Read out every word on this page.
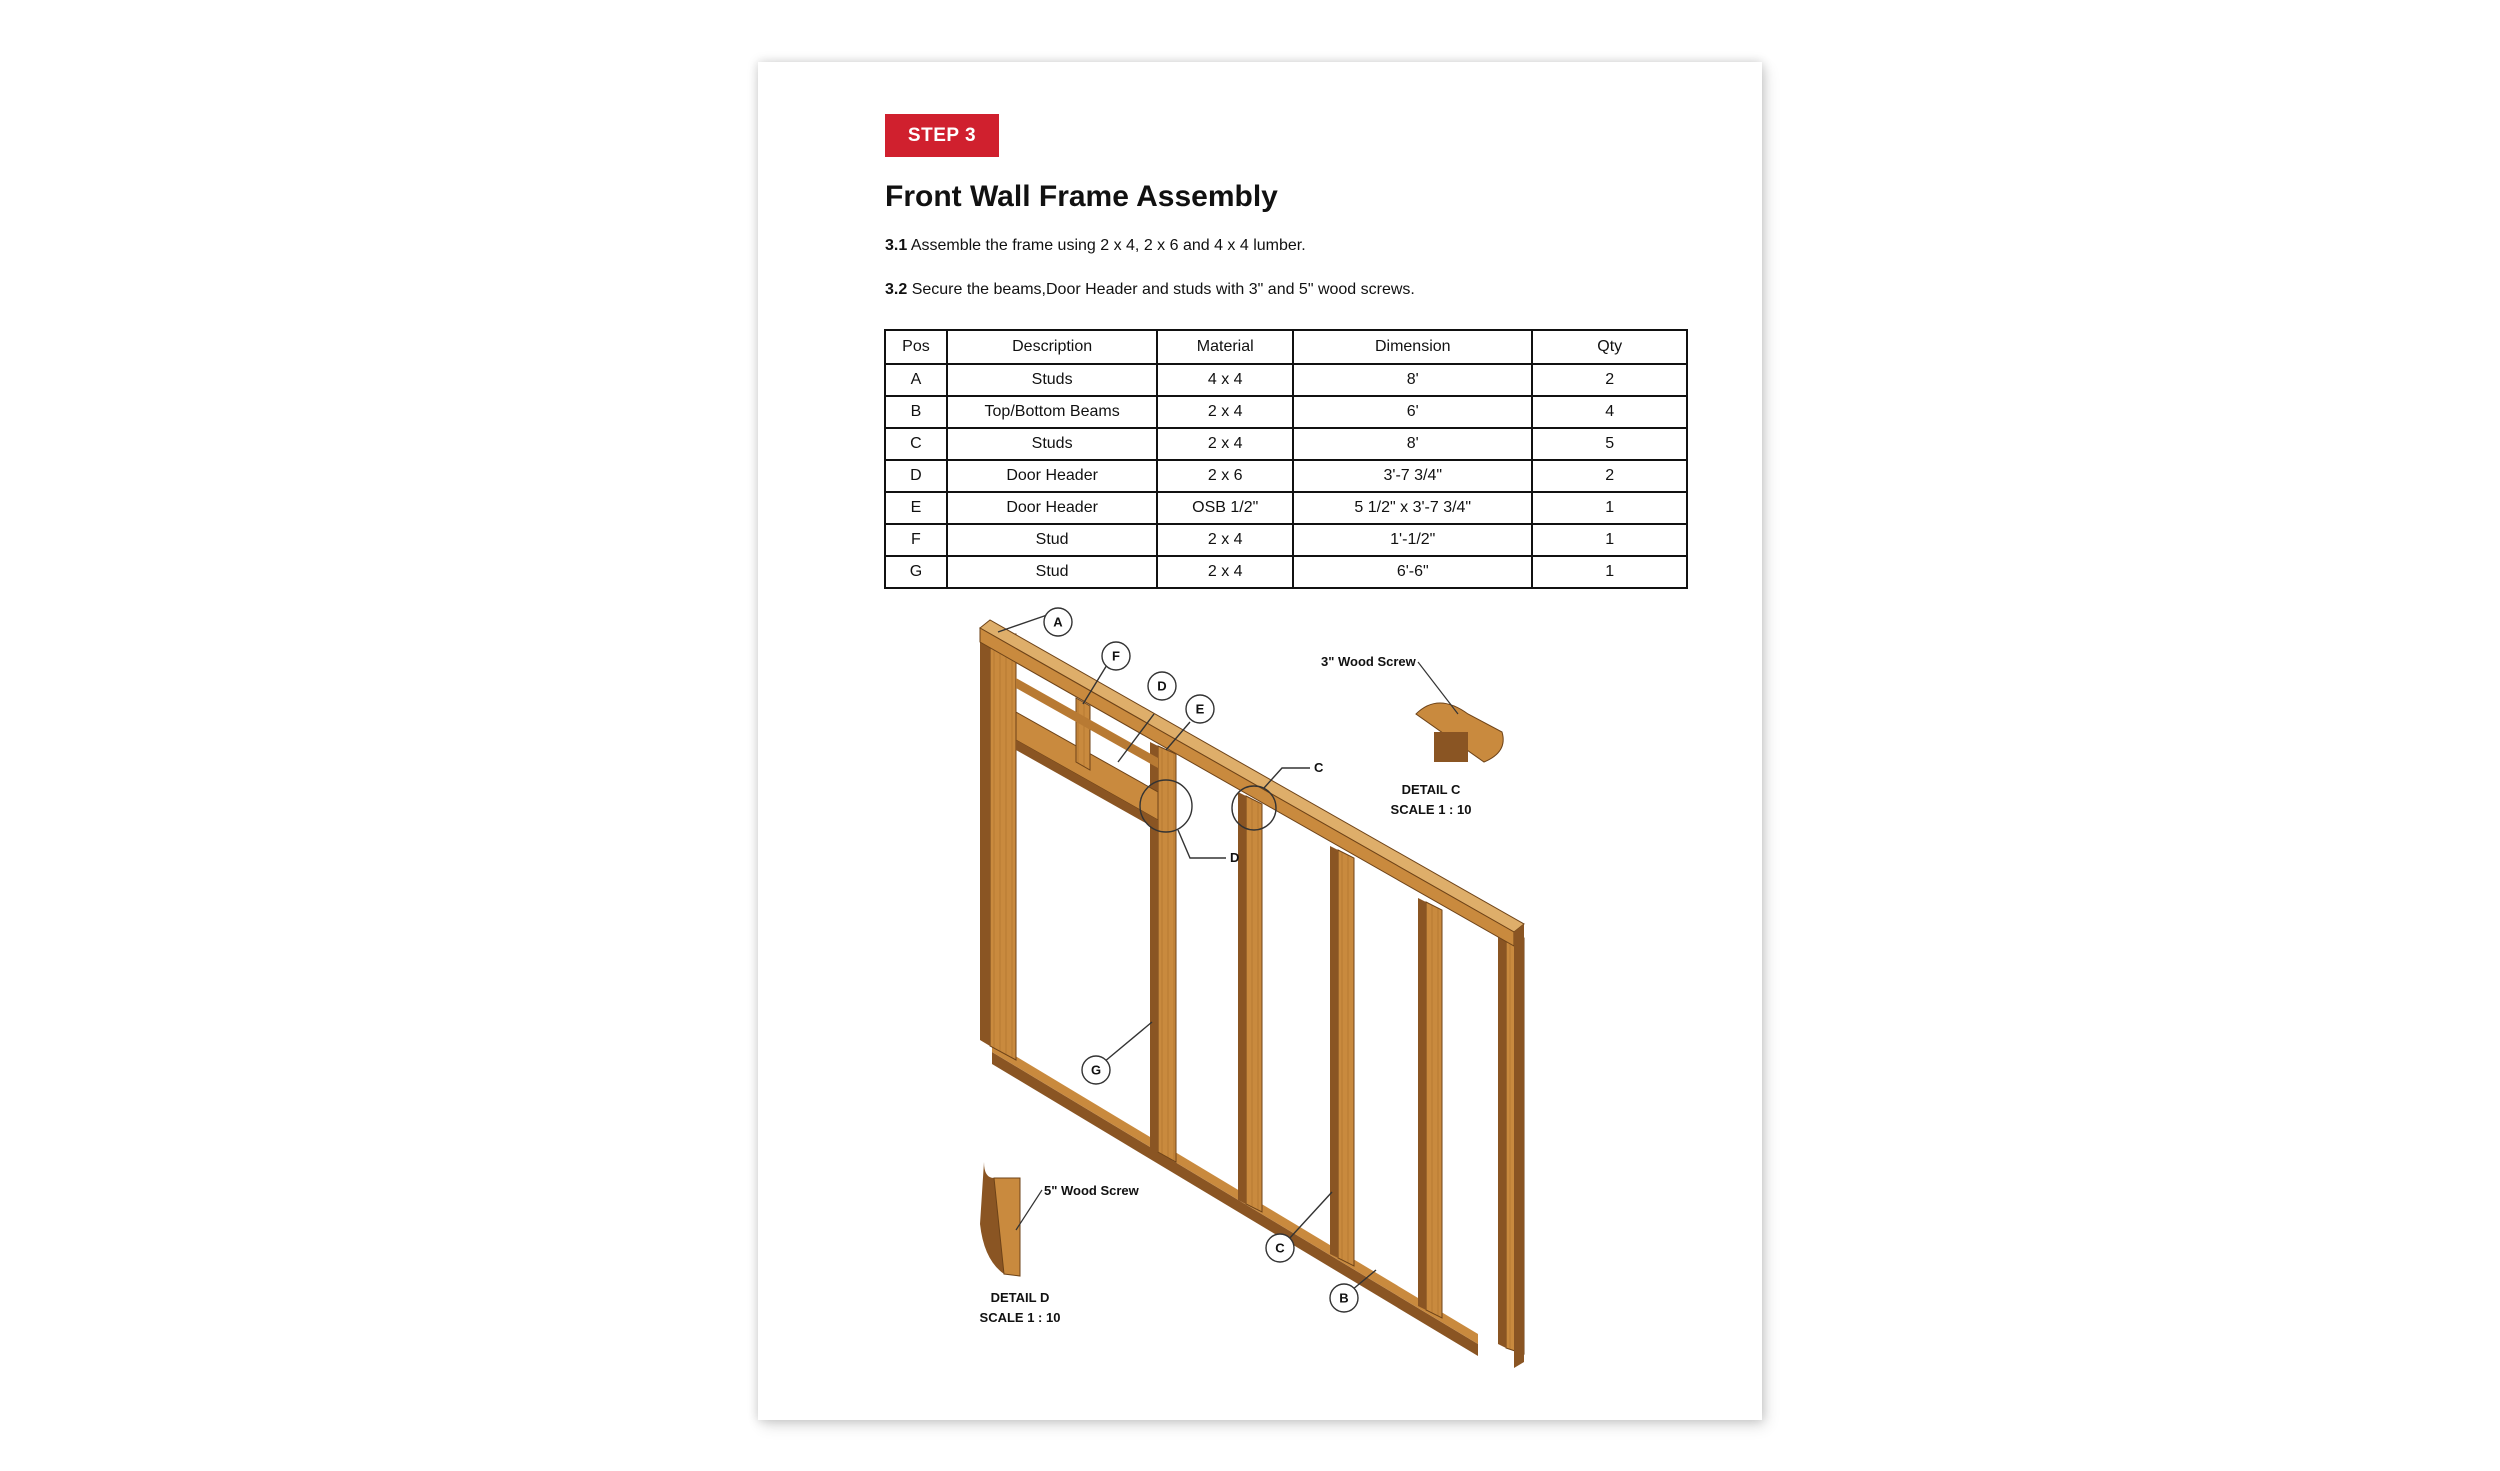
STEP 3
Front Wall Frame Assembly
3.1 Assemble the frame using 2 x 4, 2 x 6 and 4 x 4 lumber.
3.2 Secure the beams,Door Header and studs with 3" and 5" wood screws.
Pos	Description	Material	Dimension	Qty
A	Studs	4 x 4	8'	2
B	Top/Bottom Beams	2 x 4	6'	4
C	Studs	2 x 4	8'	5
D	Door Header	2 x 6	3'-7 3/4"	2
E	Door Header	OSB 1/2"	5 1/2" x 3'-7 3/4"	1
F	Stud	2 x 4	1'-1/2"	1
G	Stud	2 x 4	6'-6"	1
A
F
D
E
C
D
G
C
B
3" Wood Screw
DETAIL C
SCALE 1 : 10
5" Wood Screw
DETAIL D
SCALE 1 : 10
